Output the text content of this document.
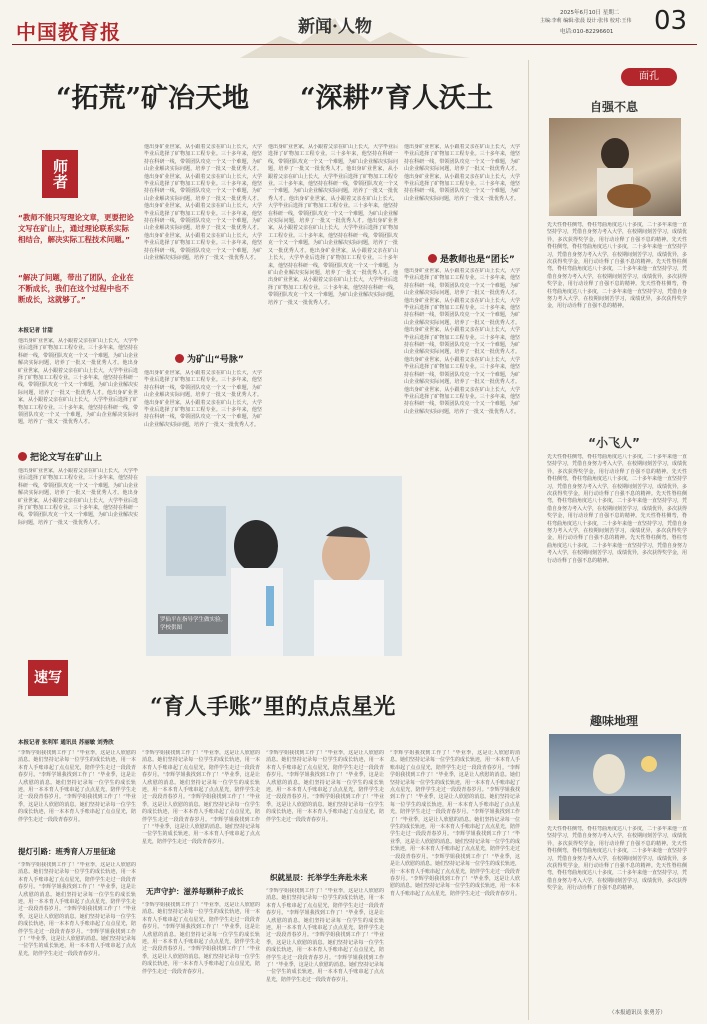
中国教育报	新闻·人物
2025年6月10日 星期二
主编:李莉 编辑:张晨 设计:张伟 校对:王伟
电话:010-82296601 03
“拓荒”矿冶天地 “深耕”育人沃土
师者
“教师不能只写理论文章，更要把论文写在矿山上，通过理论联系实际相结合，解决实际工程技术问题。”
“解决了问题，带出了团队，企业在不断成长，我们在这个过程中也不断成长，这就够了。”
本报记者 甘甜
他出身矿业世家，从小跟着父亲在矿山上长大，大学毕业后选择了矿物加工工程专业。三十多年来，他坚持在科研一线，带领团队攻克一个又一个难题，为矿山企业解决实际问题，培养了一批又一批优秀人才。他出身矿业世家，从小跟着父亲在矿山上长大，大学毕业后选择了矿物加工工程专业。三十多年来，他坚持在科研一线，带领团队攻克一个又一个难题，为矿山企业解决实际问题，培养了一批又一批优秀人才。他出身矿业世家，从小跟着父亲在矿山上长大，大学毕业后选择了矿物加工工程专业。三十多年来，他坚持在科研一线，带领团队攻克一个又一个难题，为矿山企业解决实际问题，培养了一批又一批优秀人才。
把论文写在矿山上
他出身矿业世家，从小跟着父亲在矿山上长大，大学毕业后选择了矿物加工工程专业。三十多年来，他坚持在科研一线，带领团队攻克一个又一个难题，为矿山企业解决实际问题，培养了一批又一批优秀人才。他出身矿业世家，从小跟着父亲在矿山上长大，大学毕业后选择了矿物加工工程专业。三十多年来，他坚持在科研一线，带领团队攻克一个又一个难题，为矿山企业解决实际问题，培养了一批又一批优秀人才。
他出身矿业世家，从小跟着父亲在矿山上长大，大学毕业后选择了矿物加工工程专业。三十多年来，他坚持在科研一线，带领团队攻克一个又一个难题，为矿山企业解决实际问题，培养了一批又一批优秀人才。他出身矿业世家，从小跟着父亲在矿山上长大，大学毕业后选择了矿物加工工程专业。三十多年来，他坚持在科研一线，带领团队攻克一个又一个难题，为矿山企业解决实际问题，培养了一批又一批优秀人才。他出身矿业世家，从小跟着父亲在矿山上长大，大学毕业后选择了矿物加工工程专业。三十多年来，他坚持在科研一线，带领团队攻克一个又一个难题，为矿山企业解决实际问题，培养了一批又一批优秀人才。他出身矿业世家，从小跟着父亲在矿山上长大，大学毕业后选择了矿物加工工程专业。三十多年来，他坚持在科研一线，带领团队攻克一个又一个难题，为矿山企业解决实际问题，培养了一批又一批优秀人才。
为矿山“号脉”
他出身矿业世家，从小跟着父亲在矿山上长大，大学毕业后选择了矿物加工工程专业。三十多年来，他坚持在科研一线，带领团队攻克一个又一个难题，为矿山企业解决实际问题，培养了一批又一批优秀人才。他出身矿业世家，从小跟着父亲在矿山上长大，大学毕业后选择了矿物加工工程专业。三十多年来，他坚持在科研一线，带领团队攻克一个又一个难题，为矿山企业解决实际问题，培养了一批又一批优秀人才。
他出身矿业世家，从小跟着父亲在矿山上长大，大学毕业后选择了矿物加工工程专业。三十多年来，他坚持在科研一线，带领团队攻克一个又一个难题，为矿山企业解决实际问题，培养了一批又一批优秀人才。他出身矿业世家，从小跟着父亲在矿山上长大，大学毕业后选择了矿物加工工程专业。三十多年来，他坚持在科研一线，带领团队攻克一个又一个难题，为矿山企业解决实际问题，培养了一批又一批优秀人才。他出身矿业世家，从小跟着父亲在矿山上长大，大学毕业后选择了矿物加工工程专业。三十多年来，他坚持在科研一线，带领团队攻克一个又一个难题，为矿山企业解决实际问题，培养了一批又一批优秀人才。他出身矿业世家，从小跟着父亲在矿山上长大，大学毕业后选择了矿物加工工程专业。三十多年来，他坚持在科研一线，带领团队攻克一个又一个难题，为矿山企业解决实际问题，培养了一批又一批优秀人才。他出身矿业世家，从小跟着父亲在矿山上长大，大学毕业后选择了矿物加工工程专业。三十多年来，他坚持在科研一线，带领团队攻克一个又一个难题，为矿山企业解决实际问题，培养了一批又一批优秀人才。他出身矿业世家，从小跟着父亲在矿山上长大，大学毕业后选择了矿物加工工程专业。三十多年来，他坚持在科研一线，带领团队攻克一个又一个难题，为矿山企业解决实际问题，培养了一批又一批优秀人才。
他出身矿业世家，从小跟着父亲在矿山上长大，大学毕业后选择了矿物加工工程专业。三十多年来，他坚持在科研一线，带领团队攻克一个又一个难题，为矿山企业解决实际问题，培养了一批又一批优秀人才。他出身矿业世家，从小跟着父亲在矿山上长大，大学毕业后选择了矿物加工工程专业。三十多年来，他坚持在科研一线，带领团队攻克一个又一个难题，为矿山企业解决实际问题，培养了一批又一批优秀人才。
是教师也是“团长”
他出身矿业世家，从小跟着父亲在矿山上长大，大学毕业后选择了矿物加工工程专业。三十多年来，他坚持在科研一线，带领团队攻克一个又一个难题，为矿山企业解决实际问题，培养了一批又一批优秀人才。他出身矿业世家，从小跟着父亲在矿山上长大，大学毕业后选择了矿物加工工程专业。三十多年来，他坚持在科研一线，带领团队攻克一个又一个难题，为矿山企业解决实际问题，培养了一批又一批优秀人才。他出身矿业世家，从小跟着父亲在矿山上长大，大学毕业后选择了矿物加工工程专业。三十多年来，他坚持在科研一线，带领团队攻克一个又一个难题，为矿山企业解决实际问题，培养了一批又一批优秀人才。他出身矿业世家，从小跟着父亲在矿山上长大，大学毕业后选择了矿物加工工程专业。三十多年来，他坚持在科研一线，带领团队攻克一个又一个难题，为矿山企业解决实际问题，培养了一批又一批优秀人才。他出身矿业世家，从小跟着父亲在矿山上长大，大学毕业后选择了矿物加工工程专业。三十多年来，他坚持在科研一线，带领团队攻克一个又一个难题，为矿山企业解决实际问题，培养了一批又一批优秀人才。
罗仙平在指导学生做实验。学校供图
速写
“育人手账”里的点点星光
本报记者 张利军 通讯员 苏丽敏 刘秀欣
“李辉学姐我找到工作了！”毕业季，这是让人欣慰的消息。她们坚持记录每一位学生的成长轨迹，用一本本育人手账串起了点点星光，陪伴学生走过一段段青春岁月。“李辉学姐我找到工作了！”毕业季，这是让人欣慰的消息。她们坚持记录每一位学生的成长轨迹，用一本本育人手账串起了点点星光，陪伴学生走过一段段青春岁月。“李辉学姐我找到工作了！”毕业季，这是让人欣慰的消息。她们坚持记录每一位学生的成长轨迹，用一本本育人手账串起了点点星光，陪伴学生走过一段段青春岁月。
提灯引路：班秀育人万里征途
“李辉学姐我找到工作了！”毕业季，这是让人欣慰的消息。她们坚持记录每一位学生的成长轨迹，用一本本育人手账串起了点点星光，陪伴学生走过一段段青春岁月。“李辉学姐我找到工作了！”毕业季，这是让人欣慰的消息。她们坚持记录每一位学生的成长轨迹，用一本本育人手账串起了点点星光，陪伴学生走过一段段青春岁月。“李辉学姐我找到工作了！”毕业季，这是让人欣慰的消息。她们坚持记录每一位学生的成长轨迹，用一本本育人手账串起了点点星光，陪伴学生走过一段段青春岁月。“李辉学姐我找到工作了！”毕业季，这是让人欣慰的消息。她们坚持记录每一位学生的成长轨迹，用一本本育人手账串起了点点星光，陪伴学生走过一段段青春岁月。
“李辉学姐我找到工作了！”毕业季，这是让人欣慰的消息。她们坚持记录每一位学生的成长轨迹，用一本本育人手账串起了点点星光，陪伴学生走过一段段青春岁月。“李辉学姐我找到工作了！”毕业季，这是让人欣慰的消息。她们坚持记录每一位学生的成长轨迹，用一本本育人手账串起了点点星光，陪伴学生走过一段段青春岁月。“李辉学姐我找到工作了！”毕业季，这是让人欣慰的消息。她们坚持记录每一位学生的成长轨迹，用一本本育人手账串起了点点星光，陪伴学生走过一段段青春岁月。“李辉学姐我找到工作了！”毕业季，这是让人欣慰的消息。她们坚持记录每一位学生的成长轨迹，用一本本育人手账串起了点点星光，陪伴学生走过一段段青春岁月。
无声守护：滋养每颗种子成长
“李辉学姐我找到工作了！”毕业季，这是让人欣慰的消息。她们坚持记录每一位学生的成长轨迹，用一本本育人手账串起了点点星光，陪伴学生走过一段段青春岁月。“李辉学姐我找到工作了！”毕业季，这是让人欣慰的消息。她们坚持记录每一位学生的成长轨迹，用一本本育人手账串起了点点星光，陪伴学生走过一段段青春岁月。“李辉学姐我找到工作了！”毕业季，这是让人欣慰的消息。她们坚持记录每一位学生的成长轨迹，用一本本育人手账串起了点点星光，陪伴学生走过一段段青春岁月。
“李辉学姐我找到工作了！”毕业季，这是让人欣慰的消息。她们坚持记录每一位学生的成长轨迹，用一本本育人手账串起了点点星光，陪伴学生走过一段段青春岁月。“李辉学姐我找到工作了！”毕业季，这是让人欣慰的消息。她们坚持记录每一位学生的成长轨迹，用一本本育人手账串起了点点星光，陪伴学生走过一段段青春岁月。“李辉学姐我找到工作了！”毕业季，这是让人欣慰的消息。她们坚持记录每一位学生的成长轨迹，用一本本育人手账串起了点点星光，陪伴学生走过一段段青春岁月。
织就星辰：托举学生奔赴未来
“李辉学姐我找到工作了！”毕业季，这是让人欣慰的消息。她们坚持记录每一位学生的成长轨迹，用一本本育人手账串起了点点星光，陪伴学生走过一段段青春岁月。“李辉学姐我找到工作了！”毕业季，这是让人欣慰的消息。她们坚持记录每一位学生的成长轨迹，用一本本育人手账串起了点点星光，陪伴学生走过一段段青春岁月。“李辉学姐我找到工作了！”毕业季，这是让人欣慰的消息。她们坚持记录每一位学生的成长轨迹，用一本本育人手账串起了点点星光，陪伴学生走过一段段青春岁月。“李辉学姐我找到工作了！”毕业季，这是让人欣慰的消息。她们坚持记录每一位学生的成长轨迹，用一本本育人手账串起了点点星光，陪伴学生走过一段段青春岁月。
“李辉学姐我找到工作了！”毕业季，这是让人欣慰的消息。她们坚持记录每一位学生的成长轨迹，用一本本育人手账串起了点点星光，陪伴学生走过一段段青春岁月。“李辉学姐我找到工作了！”毕业季，这是让人欣慰的消息。她们坚持记录每一位学生的成长轨迹，用一本本育人手账串起了点点星光，陪伴学生走过一段段青春岁月。“李辉学姐我找到工作了！”毕业季，这是让人欣慰的消息。她们坚持记录每一位学生的成长轨迹，用一本本育人手账串起了点点星光，陪伴学生走过一段段青春岁月。“李辉学姐我找到工作了！”毕业季，这是让人欣慰的消息。她们坚持记录每一位学生的成长轨迹，用一本本育人手账串起了点点星光，陪伴学生走过一段段青春岁月。“李辉学姐我找到工作了！”毕业季，这是让人欣慰的消息。她们坚持记录每一位学生的成长轨迹，用一本本育人手账串起了点点星光，陪伴学生走过一段段青春岁月。“李辉学姐我找到工作了！”毕业季，这是让人欣慰的消息。她们坚持记录每一位学生的成长轨迹，用一本本育人手账串起了点点星光，陪伴学生走过一段段青春岁月。“李辉学姐我找到工作了！”毕业季，这是让人欣慰的消息。她们坚持记录每一位学生的成长轨迹，用一本本育人手账串起了点点星光，陪伴学生走过一段段青春岁月。
面孔
自强不息
先天性脊柱侧弯，脊柱弯曲角度达八十多度，二十多年来他一直坚持学习，凭借自身努力考入大学，在校期间刻苦学习，成绩优异，多次获得奖学金，用行动诠释了自强不息的精神。先天性脊柱侧弯，脊柱弯曲角度达八十多度，二十多年来他一直坚持学习，凭借自身努力考入大学，在校期间刻苦学习，成绩优异，多次获得奖学金，用行动诠释了自强不息的精神。先天性脊柱侧弯，脊柱弯曲角度达八十多度，二十多年来他一直坚持学习，凭借自身努力考入大学，在校期间刻苦学习，成绩优异，多次获得奖学金，用行动诠释了自强不息的精神。先天性脊柱侧弯，脊柱弯曲角度达八十多度，二十多年来他一直坚持学习，凭借自身努力考入大学，在校期间刻苦学习，成绩优异，多次获得奖学金，用行动诠释了自强不息的精神。
“小飞人”
先天性脊柱侧弯，脊柱弯曲角度达八十多度，二十多年来他一直坚持学习，凭借自身努力考入大学，在校期间刻苦学习，成绩优异，多次获得奖学金，用行动诠释了自强不息的精神。先天性脊柱侧弯，脊柱弯曲角度达八十多度，二十多年来他一直坚持学习，凭借自身努力考入大学，在校期间刻苦学习，成绩优异，多次获得奖学金，用行动诠释了自强不息的精神。先天性脊柱侧弯，脊柱弯曲角度达八十多度，二十多年来他一直坚持学习，凭借自身努力考入大学，在校期间刻苦学习，成绩优异，多次获得奖学金，用行动诠释了自强不息的精神。先天性脊柱侧弯，脊柱弯曲角度达八十多度，二十多年来他一直坚持学习，凭借自身努力考入大学，在校期间刻苦学习，成绩优异，多次获得奖学金，用行动诠释了自强不息的精神。先天性脊柱侧弯，脊柱弯曲角度达八十多度，二十多年来他一直坚持学习，凭借自身努力考入大学，在校期间刻苦学习，成绩优异，多次获得奖学金，用行动诠释了自强不息的精神。
趣味地理
先天性脊柱侧弯，脊柱弯曲角度达八十多度，二十多年来他一直坚持学习，凭借自身努力考入大学，在校期间刻苦学习，成绩优异，多次获得奖学金，用行动诠释了自强不息的精神。先天性脊柱侧弯，脊柱弯曲角度达八十多度，二十多年来他一直坚持学习，凭借自身努力考入大学，在校期间刻苦学习，成绩优异，多次获得奖学金，用行动诠释了自强不息的精神。先天性脊柱侧弯，脊柱弯曲角度达八十多度，二十多年来他一直坚持学习，凭借自身努力考入大学，在校期间刻苦学习，成绩优异，多次获得奖学金，用行动诠释了自强不息的精神。
（本报通讯员 张勇芳）
